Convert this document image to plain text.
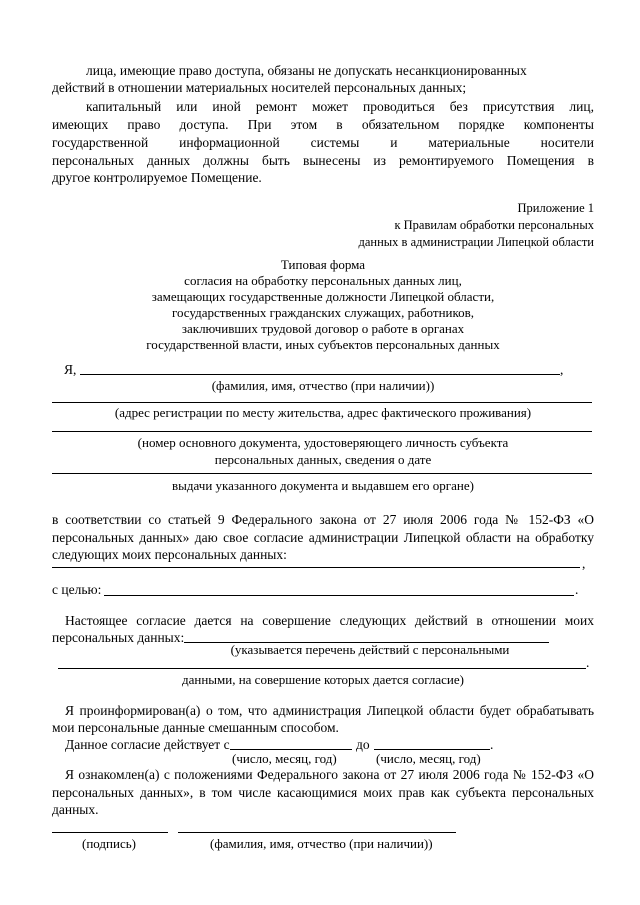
лица, имеющие право доступа, обязаны не допускать несанкционированных
действий в отношении материальных носителей персональных данных;
капитальный или иной ремонт может проводиться без присутствия лиц,
имеющих право доступа. При этом в обязательном порядке компоненты
государственной информационной системы и материальные носители
персональных данных должны быть вынесены из ремонтируемого Помещения в
другое контролируемое Помещение.
Приложение 1
к Правилам обработки персональных
данных в администрации Липецкой области
Типовая форма
согласия на обработку персональных данных лиц,
замещающих государственные должности Липецкой области,
государственных гражданских служащих, работников,
заключивших трудовой договор о работе в органах
государственной власти, иных субъектов персональных данных
Я,	,
(фамилия, имя, отчество (при наличии))
(адрес регистрации по месту жительства, адрес фактического проживания)
(номер основного документа, удостоверяющего личность субъекта
персональных данных, сведения о дате
выдачи указанного документа и выдавшем его органе)
в соответствии со статьей 9 Федерального закона от 27 июля 2006 года № 152-ФЗ «О
персональных данных» даю свое согласие администрации Липецкой области на обработку
следующих моих персональных данных:
,
с целью:	.
Настоящее согласие дается на совершение следующих действий в отношении моих
персональных данных:
(указывается перечень действий с персональными
.
данными, на совершение которых дается согласие)
Я проинформирован(а) о том, что администрация Липецкой области будет обрабатывать
мои персональные данные смешанным способом.
Данное согласие действует с	до	.
(число, месяц, год)	(число, месяц, год)
Я ознакомлен(а) с положениями Федерального закона от 27 июля 2006 года № 152-ФЗ «О
персональных данных», в том числе касающимися моих прав как субъекта персональных
данных.
(подпись)	(фамилия, имя, отчество (при наличии))
